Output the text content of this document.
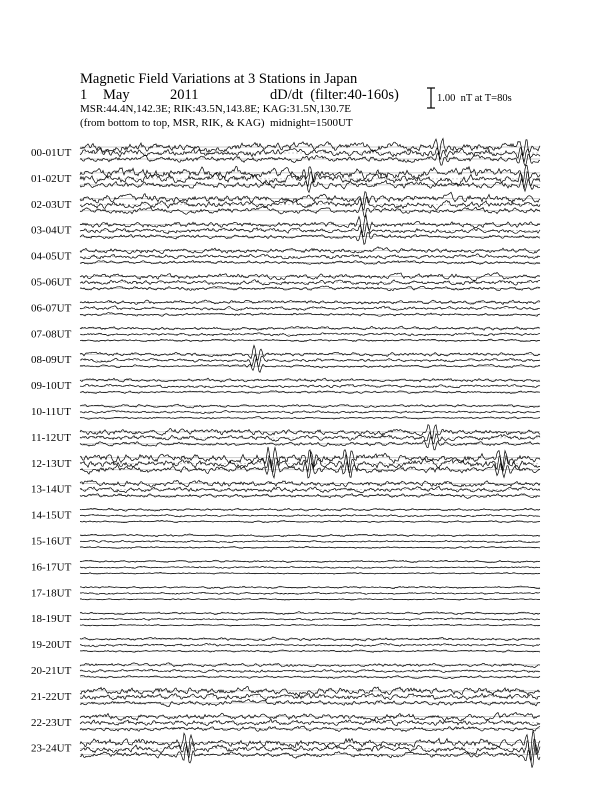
Magnetic Field Variations at 3 Stations in Japan
1 May	2011	dD/dt  (filter:40-160s)
MSR:44.4N,142.3E; RIK:43.5N,143.8E; KAG:31.5N,130.7E
(from bottom to top, MSR, RIK, & KAG)  midnight=1500UT
1.00  nT at T=80s
00-01UT
01-02UT
02-03UT
03-04UT
04-05UT
05-06UT
06-07UT
07-08UT
08-09UT
09-10UT
10-11UT
11-12UT
12-13UT
13-14UT
14-15UT
15-16UT
16-17UT
17-18UT
18-19UT
19-20UT
20-21UT
21-22UT
22-23UT
23-24UT
